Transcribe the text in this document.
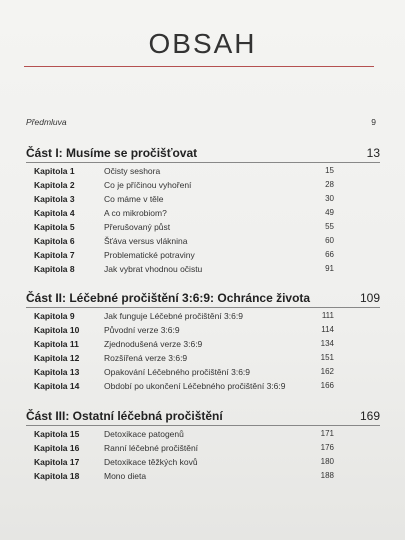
OBSAH
Předmluva	9
Část I: Musíme se pročišťovat	13
Kapitola 1	Očisty seshora	15
Kapitola 2	Co je příčinou vyhoření	28
Kapitola 3	Co máme v těle	30
Kapitola 4	A co mikrobiom?	49
Kapitola 5	Přerušovaný půst	55
Kapitola 6	Šťáva versus vláknina	60
Kapitola 7	Problematické potraviny	66
Kapitola 8	Jak vybrat vhodnou očistu	91
Část II: Léčebné pročištění 3:6:9: Ochránce života	109
Kapitola 9	Jak funguje Léčebné pročištění 3:6:9	111
Kapitola 10	Původní verze 3:6:9	114
Kapitola 11	Zjednodušená verze 3:6:9	134
Kapitola 12	Rozšířená verze 3:6:9	151
Kapitola 13	Opakování Léčebného pročištění 3:6:9	162
Kapitola 14	Období po ukončení Léčebného pročištění 3:6:9	166
Část III: Ostatní léčebná pročištění	169
Kapitola 15	Detoxikace patogenů	171
Kapitola 16	Ranní léčebné pročištění	176
Kapitola 17	Detoxikace těžkých kovů	180
Kapitola 18	Mono dieta	188
